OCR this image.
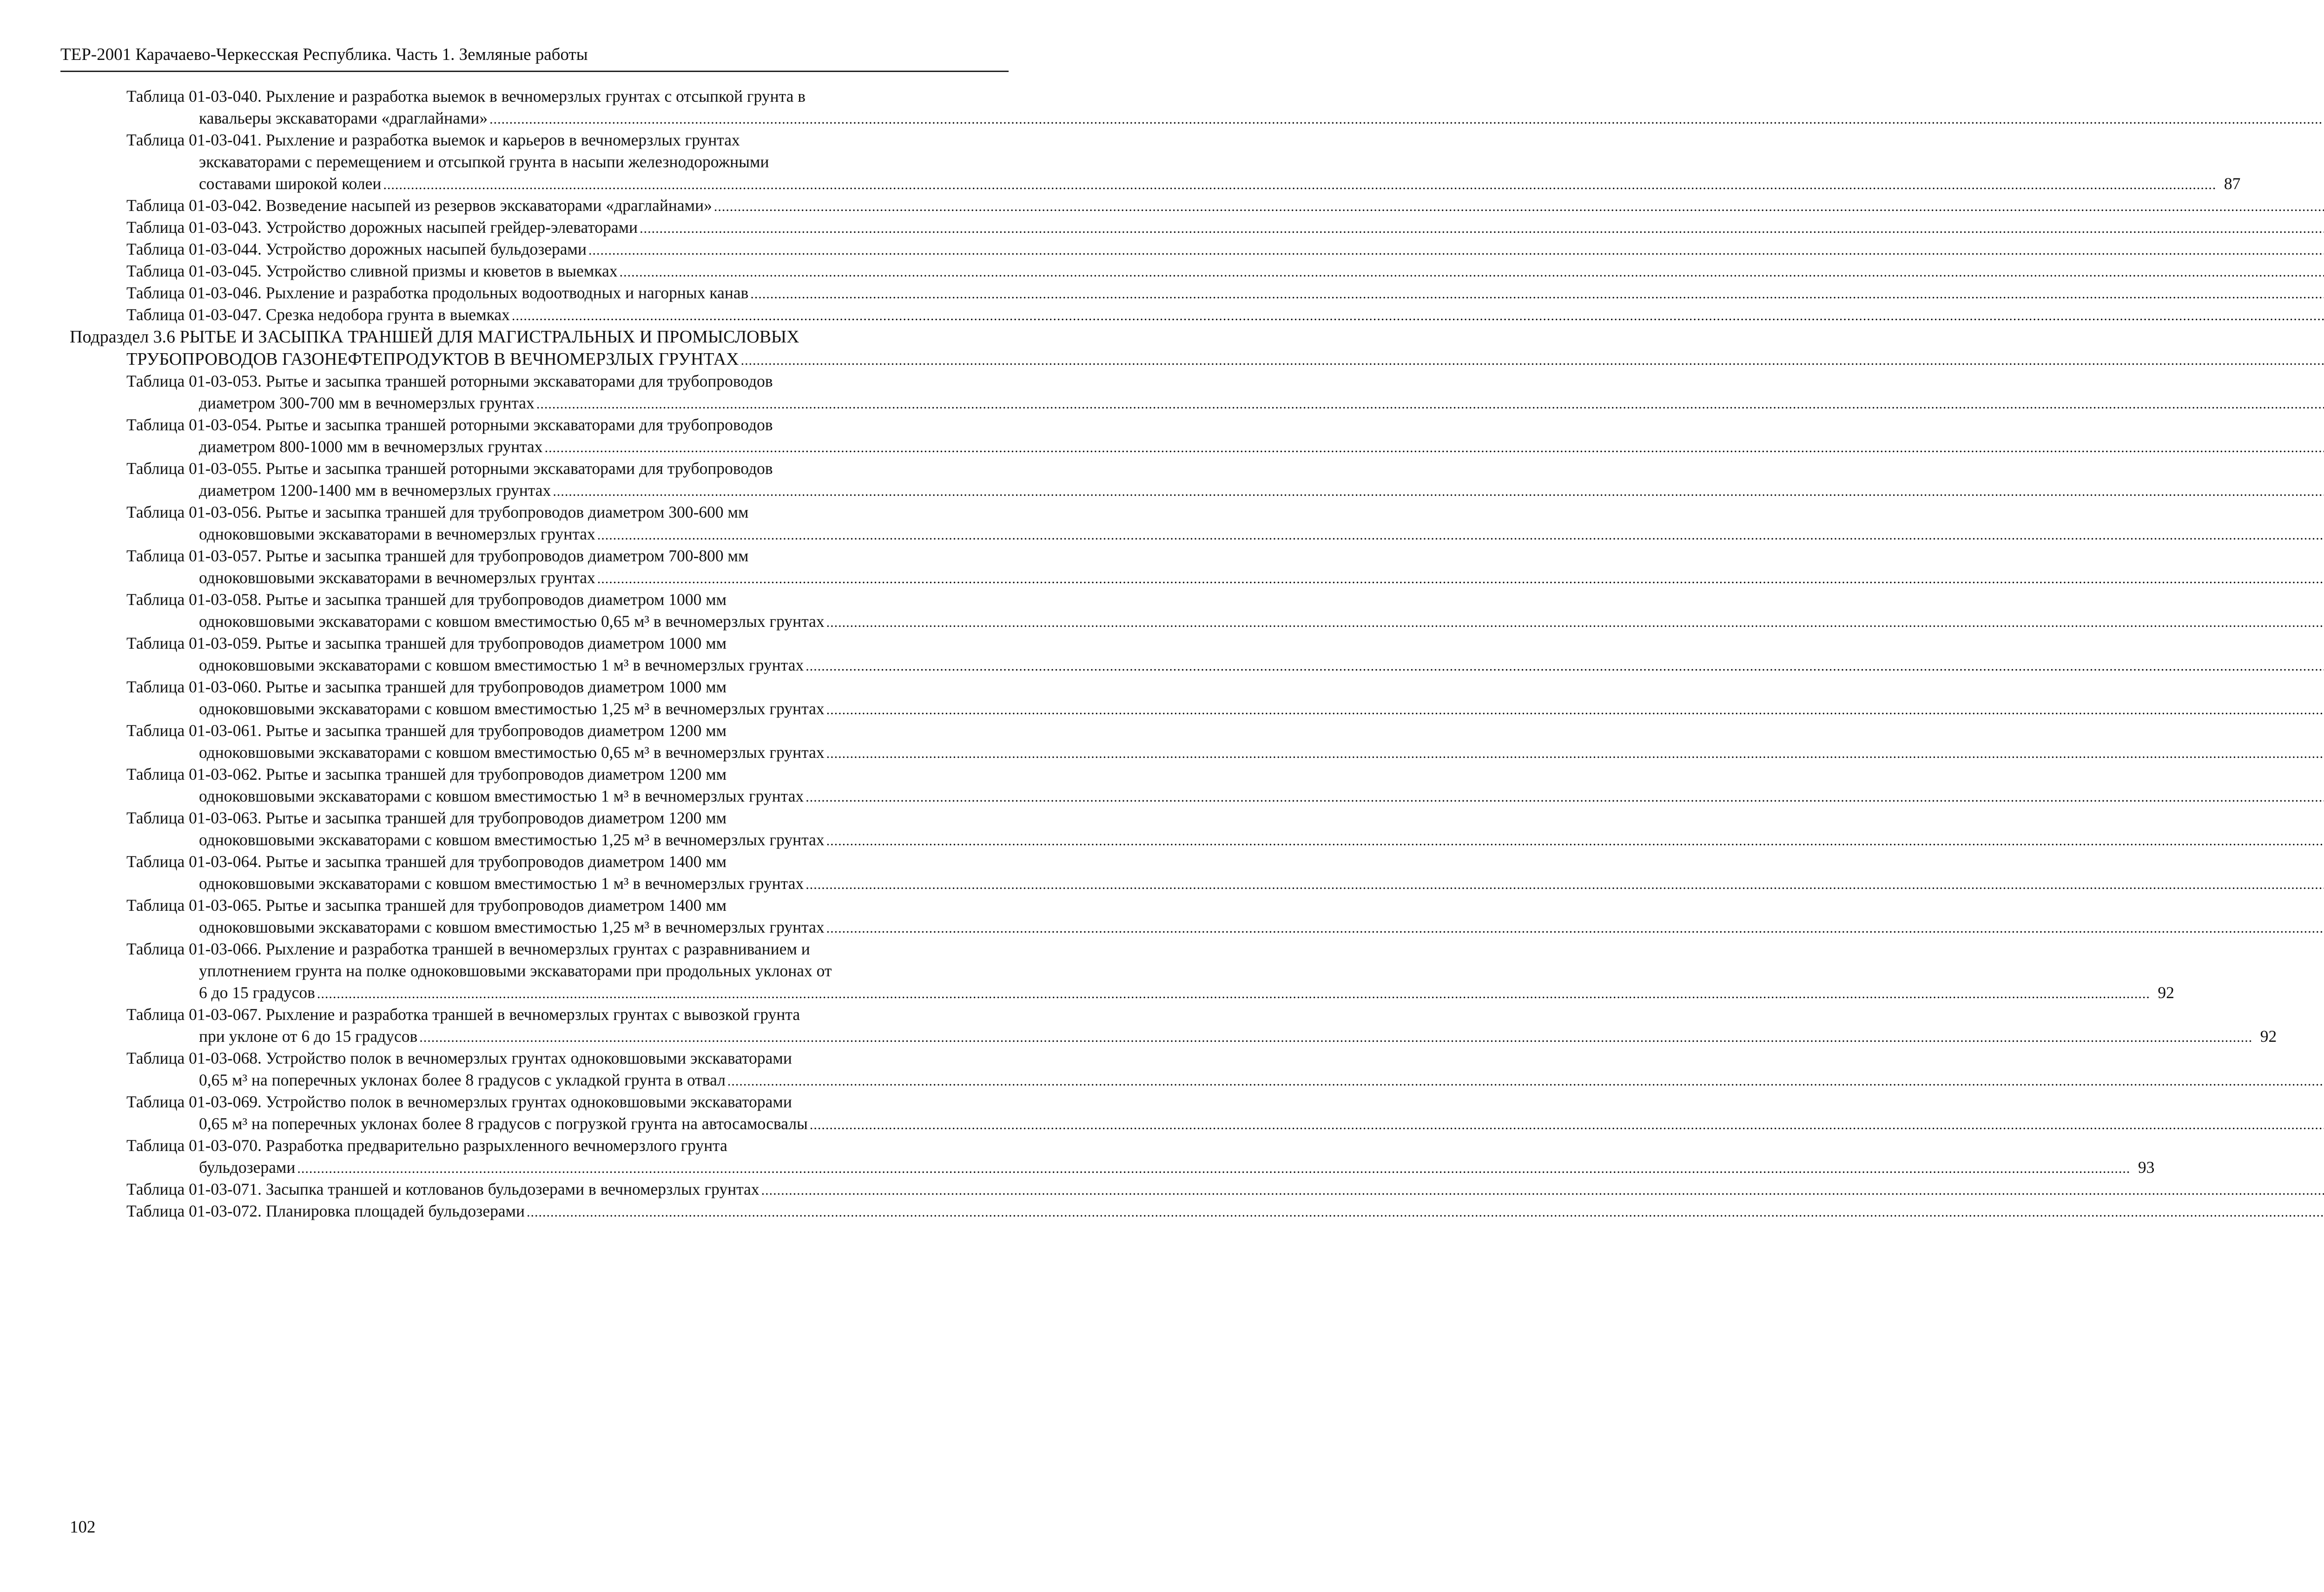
ТЕР-2001 Карачаево-Черкесская Республика. Часть 1. Земляные работы
Таблица 01-03-040. Рыхление и разработка выемок в вечномерзлых грунтах с отсыпкой грунта в
кавальеры экскаваторами «драглайнами»
.....
Таблица 01-03-041. Рыхление и разработка выемок и карьеров в вечномерзлых грунтах
экскаваторами с перемещением и отсыпкой грунта в насыпи железнодорожными
составами широкой колеи .....	87
Таблица 01-03-042. Возведение насыпей из резервов экскаваторами «драглайнами»
.....
Таблица 01-03-043. Устройство дорожных насыпей грейдер-элеваторами
.....
Таблица 01-03-044. Устройство дорожных насыпей бульдозерами
.....
Таблица 01-03-045. Устройство сливной призмы и кюветов в выемках
.....
Таблица 01-03-046. Рыхление и разработка продольных водоотводных и нагорных канав
.....
Таблица 01-03-047. Срезка недобора грунта в выемках
.....
Подраздел 3.6 РЫТЬЕ И ЗАСЫПКА ТРАНШЕЙ ДЛЯ МАГИСТРАЛЬНЫХ И ПРОМЫСЛОВЫХ
ТРУБОПРОВОДОВ ГАЗОНЕФТЕПРОДУКТОВ В ВЕЧНОМЕРЗЛЫХ ГРУНТАХ
.....
Таблица 01-03-053. Рытье и засыпка траншей роторными экскаваторами для трубопроводов
диаметром 300-700 мм в вечномерзлых грунтах
.....
Таблица 01-03-054. Рытье и засыпка траншей роторными экскаваторами для трубопроводов
диаметром 800-1000 мм в вечномерзлых грунтах
.....
Таблица 01-03-055. Рытье и засыпка траншей роторными экскаваторами для трубопроводов
диаметром 1200-1400 мм в вечномерзлых грунтах
.....
Таблица 01-03-056. Рытье и засыпка траншей для трубопроводов диаметром 300-600 мм
одноковшовыми экскаваторами в вечномерзлых грунтах
.....
Таблица 01-03-057. Рытье и засыпка траншей для трубопроводов диаметром 700-800 мм
одноковшовыми экскаваторами в вечномерзлых грунтах
.....
Таблица 01-03-058. Рытье и засыпка траншей для трубопроводов диаметром 1000 мм
одноковшовыми экскаваторами с ковшом вместимостью 0,65 м³ в вечномерзлых грунтах
.....
Таблица 01-03-059. Рытье и засыпка траншей для трубопроводов диаметром 1000 мм
одноковшовыми экскаваторами с ковшом вместимостью 1 м³ в вечномерзлых грунтах
.....
Таблица 01-03-060. Рытье и засыпка траншей для трубопроводов диаметром 1000 мм
одноковшовыми экскаваторами с ковшом вместимостью 1,25 м³ в вечномерзлых грунтах
.....
Таблица 01-03-061. Рытье и засыпка траншей для трубопроводов диаметром 1200 мм
одноковшовыми экскаваторами с ковшом вместимостью 0,65 м³ в вечномерзлых грунтах
.....
Таблица 01-03-062. Рытье и засыпка траншей для трубопроводов диаметром 1200 мм
одноковшовыми экскаваторами с ковшом вместимостью 1 м³ в вечномерзлых грунтах
.....
Таблица 01-03-063. Рытье и засыпка траншей для трубопроводов диаметром 1200 мм
одноковшовыми экскаваторами с ковшом вместимостью 1,25 м³ в вечномерзлых грунтах
.....
Таблица 01-03-064. Рытье и засыпка траншей для трубопроводов диаметром 1400 мм
одноковшовыми экскаваторами с ковшом вместимостью 1 м³ в вечномерзлых грунтах
.....
Таблица 01-03-065. Рытье и засыпка траншей для трубопроводов диаметром 1400 мм
одноковшовыми экскаваторами с ковшом вместимостью 1,25 м³ в вечномерзлых грунтах
.....
Таблица 01-03-066. Рыхление и разработка траншей в вечномерзлых грунтах с разравниванием и
уплотнением грунта на полке одноковшовыми экскаваторами при продольных уклонах от
6 до 15 градусов .....	92
Таблица 01-03-067. Рыхление и разработка траншей в вечномерзлых грунтах с вывозкой грунта
при уклоне от 6 до 15 градусов .....	92
Таблица 01-03-068. Устройство полок в вечномерзлых грунтах одноковшовыми экскаваторами
0,65 м³ на поперечных уклонах более 8 градусов с укладкой грунта в отвал
.....
Таблица 01-03-069. Устройство полок в вечномерзлых грунтах одноковшовыми экскаваторами
0,65 м³ на поперечных уклонах более 8 градусов с погрузкой грунта на автосамосвалы
.....
Таблица 01-03-070. Разработка предварительно разрыхленного вечномерзлого грунта
бульдозерами .....	93
Таблица 01-03-071. Засыпка траншей и котлованов бульдозерами в вечномерзлых грунтах
.....
Таблица 01-03-072. Планировка площадей бульдозерами
.....
102
